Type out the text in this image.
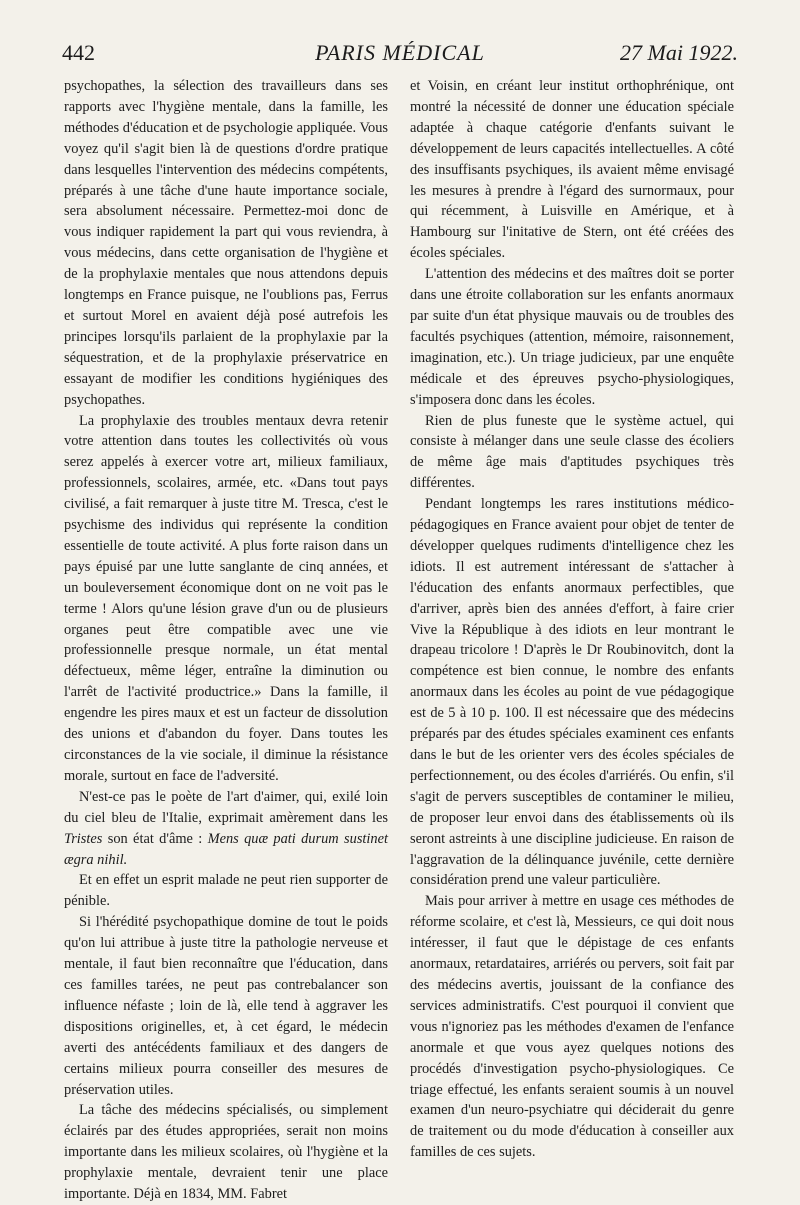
442	PARIS MÉDICAL	27 Mai 1922.

psychopathes, la sélection des travailleurs dans ses rapports avec l'hygiène mentale, dans la famille, les méthodes d'éducation et de psychologie appliquée. Vous voyez qu'il s'agit bien là de questions d'ordre pratique dans lesquelles l'intervention des médecins compétents, préparés à une tâche d'une haute importance sociale, sera absolument nécessaire. Permettez-moi donc de vous indiquer rapidement la part qui vous reviendra, à vous médecins, dans cette organisation de l'hygiène et de la prophylaxie mentales que nous attendons depuis longtemps en France puisque, ne l'oublions pas, Ferrus et surtout Morel en avaient déjà posé autrefois les principes lorsqu'ils parlaient de la prophylaxie par la séquestration, et de la prophylaxie préservatrice en essayant de modifier les conditions hygiéniques des psychopathes.

La prophylaxie des troubles mentaux devra retenir votre attention dans toutes les collectivités où vous serez appelés à exercer votre art, milieux familiaux, professionnels, scolaires, armée, etc. «Dans tout pays civilisé, a fait remarquer à juste titre M. Tresca, c'est le psychisme des individus qui représente la condition essentielle de toute activité. A plus forte raison dans un pays épuisé par une lutte sanglante de cinq années, et un bouleversement économique dont on ne voit pas le terme ! Alors qu'une lésion grave d'un ou de plusieurs organes peut être compatible avec une vie professionnelle presque normale, un état mental défectueux, même léger, entraîne la diminution ou l'arrêt de l'activité productrice.» Dans la famille, il engendre les pires maux et est un facteur de dissolution des unions et d'abandon du foyer. Dans toutes les circonstances de la vie sociale, il diminue la résistance morale, surtout en face de l'adversité.

N'est-ce pas le poète de l'art d'aimer, qui, exilé loin du ciel bleu de l'Italie, exprimait amèrement dans les Tristes son état d'âme : Mens quæ pati durum sustinet ægra nihil.

Et en effet un esprit malade ne peut rien supporter de pénible.

Si l'hérédité psychopathique domine de tout le poids qu'on lui attribue à juste titre la pathologie nerveuse et mentale, il faut bien reconnaître que l'éducation, dans ces familles tarées, ne peut pas contrebalancer son influence néfaste ; loin de là, elle tend à aggraver les dispositions originelles, et, à cet égard, le médecin averti des antécédents familiaux et des dangers de certains milieux pourra conseiller des mesures de préservation utiles.

La tâche des médecins spécialisés, ou simplement éclairés par des études appropriées, serait non moins importante dans les milieux scolaires, où l'hygiène et la prophylaxie mentale, devraient tenir une place importante. Déjà en 1834, MM. Fabret

et Voisin, en créant leur institut orthophrénique, ont montré la nécessité de donner une éducation spéciale adaptée à chaque catégorie d'enfants suivant le développement de leurs capacités intellectuelles. A côté des insuffisants psychiques, ils avaient même envisagé les mesures à prendre à l'égard des surnormaux, pour qui récemment, à Luisville en Amérique, et à Hambourg sur l'initative de Stern, ont été créées des écoles spéciales.

L'attention des médecins et des maîtres doit se porter dans une étroite collaboration sur les enfants anormaux par suite d'un état physique mauvais ou de troubles des facultés psychiques (attention, mémoire, raisonnement, imagination, etc.). Un triage judicieux, par une enquête médicale et des épreuves psycho-physiologiques, s'imposera donc dans les écoles.

Rien de plus funeste que le système actuel, qui consiste à mélanger dans une seule classe des écoliers de même âge mais d'aptitudes psychiques très différentes.

Pendant longtemps les rares institutions médico-pédagogiques en France avaient pour objet de tenter de développer quelques rudiments d'intelligence chez les idiots. Il est autrement intéressant de s'attacher à l'éducation des enfants anormaux perfectibles, que d'arriver, après bien des années d'effort, à faire crier Vive la République à des idiots en leur montrant le drapeau tricolore ! D'après le Dr Roubinovitch, dont la compétence est bien connue, le nombre des enfants anormaux dans les écoles au point de vue pédagogique est de 5 à 10 p. 100. Il est nécessaire que des médecins préparés par des études spéciales examinent ces enfants dans le but de les orienter vers des écoles spéciales de perfectionnement, ou des écoles d'arriérés. Ou enfin, s'il s'agit de pervers susceptibles de contaminer le milieu, de proposer leur envoi dans des établissements où ils seront astreints à une discipline judicieuse. En raison de l'aggravation de la délinquance juvénile, cette dernière considération prend une valeur particulière.

Mais pour arriver à mettre en usage ces méthodes de réforme scolaire, et c'est là, Messieurs, ce qui doit nous intéresser, il faut que le dépistage de ces enfants anormaux, retardataires, arriérés ou pervers, soit fait par des médecins avertis, jouissant de la confiance des services administratifs. C'est pourquoi il convient que vous n'ignoriez pas les méthodes d'examen de l'enfance anormale et que vous ayez quelques notions des procédés d'investigation psycho-physiologiques. Ce triage effectué, les enfants seraient soumis à un nouvel examen d'un neuro-psychiatre qui déciderait du genre de traitement ou du mode d'éducation à conseiller aux familles de ces sujets.
